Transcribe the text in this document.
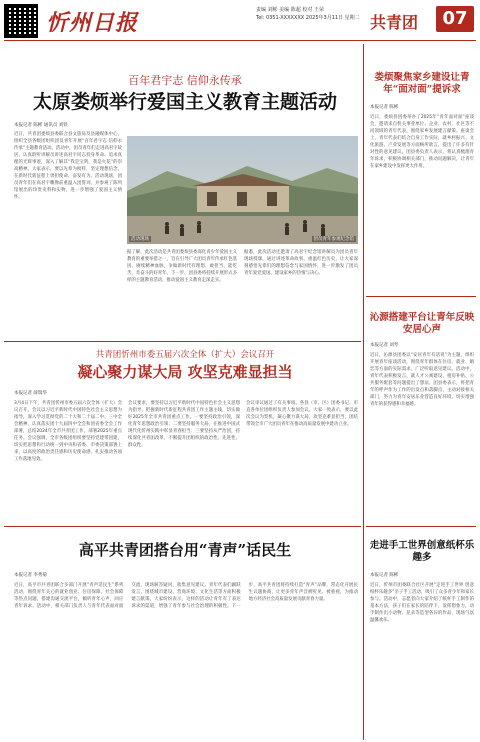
忻州日报	责编 刘彬 美编 陈超 校对 王荣
Tel: 0351-XXXXXXX 2025年3月11日 星期二 共青团	07
百年君宇志 信仰永传承
太原娄烦举行爱国主义教育主题活动
本报记者 陈彬 通讯员 刘铁
近日，共青团娄烦县委联合县文旅局及县融媒体中心，组织全县各级团组织团员青年开展“百年君宇志 信仰永传承”主题教育活动。活动中，团员青年们走进高君宇故居，认真聆听讲解员讲述高君宇同志投身革命、追求真理的光辉事迹，深入了解其“我是宝剑，我是火花”的崇高精神。大家表示，要以先辈为榜样，坚定理想信念，在新时代新征程上勇担使命、奋发有为。活动现场，团员青年们在高君宇雕像前重温入团誓词，并参观了陈列馆展出的珍贵史料和实物，进一步增强了爱国主义情怀。
活动现场	团员青年参观纪念馆
据了解，此次活动是共青团娄烦县委深化青少年爱国主义教育的重要举措之一，旨在引导广大团员青年传承红色基因、赓续精神血脉，争做新时代有理想、敢担当、能吃苦、肯奋斗的好青年。下一步，团县委将持续开展形式多样的主题教育活动，推动爱国主义教育走深走实。
据悉，此次活动还邀请了高君宇纪念馆讲解员为团员青年现场授课，通过讲述革命故事、重温红色历史，让大家深刻感悟先辈们的理想信念与家国情怀，进一步激发了团员青年爱党爱国、建设家乡的热情与决心。
共青团忻州市委五届六次全体（扩大）会议召开
凝心聚力谋大局 攻坚克难显担当
本报记者 薛瑞华
3月4日下午，共青团忻州市委五届六次全体（扩大）会议召开。会议以习近平新时代中国特色社会主义思想为指导，深入学习贯彻党的二十大和二十届二中、三中全会精神，认真落实团十九届四中全会和团省委全会工作部署，总结2024年全市共青团工作，部署2025年重点任务。会议强调，全市各级团组织要坚持党建带团建，切实把思想和行动统一到中央和省委、市委决策部署上来，以高度的政治责任感和历史使命感，扎实推动各项工作落地见效。
会议要求，要坚持以习近平新时代中国特色社会主义思想为指导，把握新时代新征程共青团工作主题主线，切实做好2025年全市共青团重点工作。一要坚持政治引领，深化青年思想政治引领；二要坚持服务大局，在推进中国式现代化忻州实践中彰显青春担当；三要坚持从严治团，持续深化共青团改革，不断提升团组织的政治性、先进性、群众性。
会议审议通过了有关事项。各县（市、区）团委书记、市直各单位团组织负责人参加会议。大家一致表示，要以此次会议为契机，凝心聚力谋大局，攻坚克难显担当，团结带领全市广大团员青年在推动高质量发展中建功立业。
高平共青团搭台用“青声”话民生
本报记者 李秀菊
近日，高平市共青团联合多部门开展“青声话民生”系列活动，围绕青年关心的就业创业、住房保障、社会保障等热点问题，搭建沟通交流平台，倾听青年心声，回应青年诉求。活动中，相关部门负责人与青年代表面对面交流，现场解答疑问，收集意见建议。青年代表们踊跃发言，围绕城市建设、营商环境、文化生活等方面积极建言献策。大家纷纷表示，这样的活动让青年有了表达诉求的渠道，增强了青年参与社会治理的积极性。下一步，高平共青团将持续打造“青声”品牌，常态化开展民生议题协商，让更多青年声音被听见、被重视，为推动地方经济社会高质量发展贡献青春力量。
娄烦聚焦家乡建设让青年“面对面”提诉求
本报记者 陈彬
近日，娄烦县团委举办了2025年“青年面对面”座谈会，邀请来自机关事业单位、企业、农村、社区等不同领域的青年代表，围绕家乡发展建言献策。座谈会上，青年代表们结合自身工作实际，就乡村振兴、文化旅游、产业发展等方面畅所欲言，提出了许多有针对性的意见建议。团县委负责人表示，将认真梳理青年诉求，积极协调相关部门，推动问题解决，让青年在家乡建设中发挥更大作用。
沁源搭建平台让青年反映安居心声
本报记者 刘琴
近日，沁源县团委以“安居青年有话说”为主题，组织开展青年座谈活动，围绕青年群体在住房、就业、婚恋等方面的实际需求，广泛听取意见建议。活动中，青年代表积极发言，就人才公寓建设、租房补贴、公共服务配套等问题提出了想法。团县委表示，将把青年的呼声作为工作的出发点和落脚点，主动对接相关部门，努力为青年安居乐业营造良好环境，切实增强青年的获得感和幸福感。
走进手工世界创意纸杯乐趣多
本报记者 陈彬
近日，忻州市团委联合社区开展“走进手工世界 创意纸杯乐趣多”亲子手工活动，吸引了众多青少年和家长参与。活动中，志愿者向大家介绍了纸杯手工制作的基本方法，孩子们在家长的陪伴下，发挥想象力，动手制作出小动物、花朵等造型各异的作品，现场气氛温馨欢乐。
